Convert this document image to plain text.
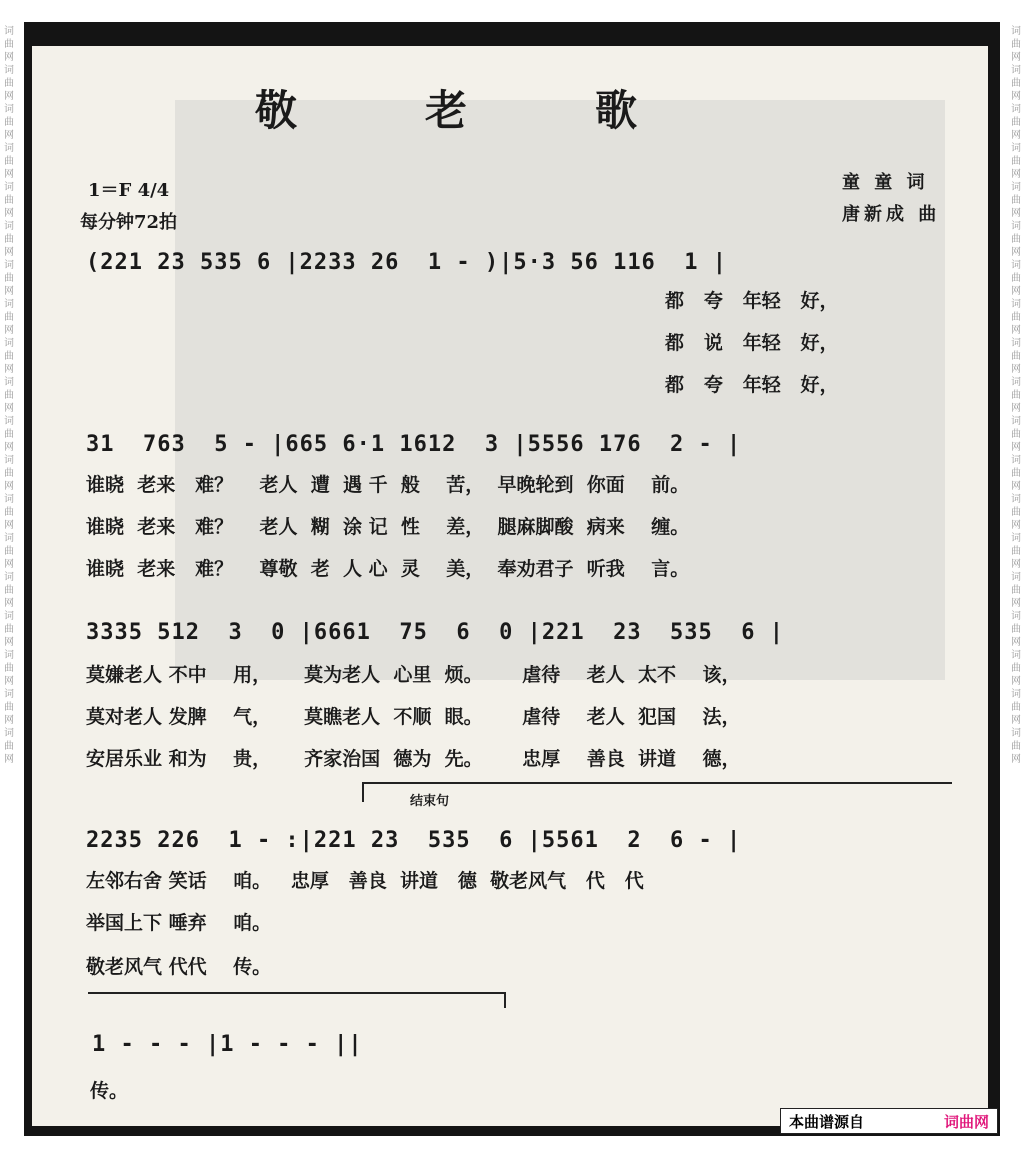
词曲网
词曲网
词曲网
词曲网
词曲网
词曲网
词曲网
词曲网
词曲网
词曲网
词曲网
词曲网
词曲网
词曲网
词曲网
词曲网
词曲网
词曲网
词曲网
词曲网
词曲网
词曲网
词曲网
词曲网
词曲网
词曲网
词曲网
词曲网
词曲网
词曲网
词曲网
词曲网
词曲网
词曲网
词曲网
词曲网
词曲网
词曲网
敬	老	歌
1＝F 4/4
每分钟72拍
童 童 词
唐新成 曲
(221 23 535 6 |2233 26  1 - )|5·3 56 116  1 |
都   夸   年轻   好，
都   说   年轻   好，
都   夸   年轻   好，
31  763  5 - |665 6·1 1612  3 |5556 176  2 - |
谁晓  老来   难？    老人  遭  遇 千  般    苦，  早晚轮到  你面    前。
谁晓  老来   难？    老人  糊  涂 记  性    差，  腿麻脚酸  病来    缠。
谁晓  老来   难？    尊敬  老  人 心  灵    美，  奉劝君子  听我    言。
3335 512  3  0 |6661  75  6  0 |221  23  535  6 |
莫嫌老人 不中    用，     莫为老人  心里  烦。      虐待    老人  太不    该，
莫对老人 发脾    气，     莫瞧老人  不顺  眼。      虐待    老人  犯国    法，
安居乐业 和为    贵，     齐家治国  德为  先。      忠厚    善良  讲道    德，
结束句
2235 226  1 - :|221 23  535  6 |5561  2  6 - |
左邻右舍 笑话    咱。   忠厚   善良  讲道   德  敬老风气   代   代
举国上下 唾弃    咱。
敬老风气 代代    传。
1 - - - |1 - - - ||
传。
本曲谱源自	词曲网
